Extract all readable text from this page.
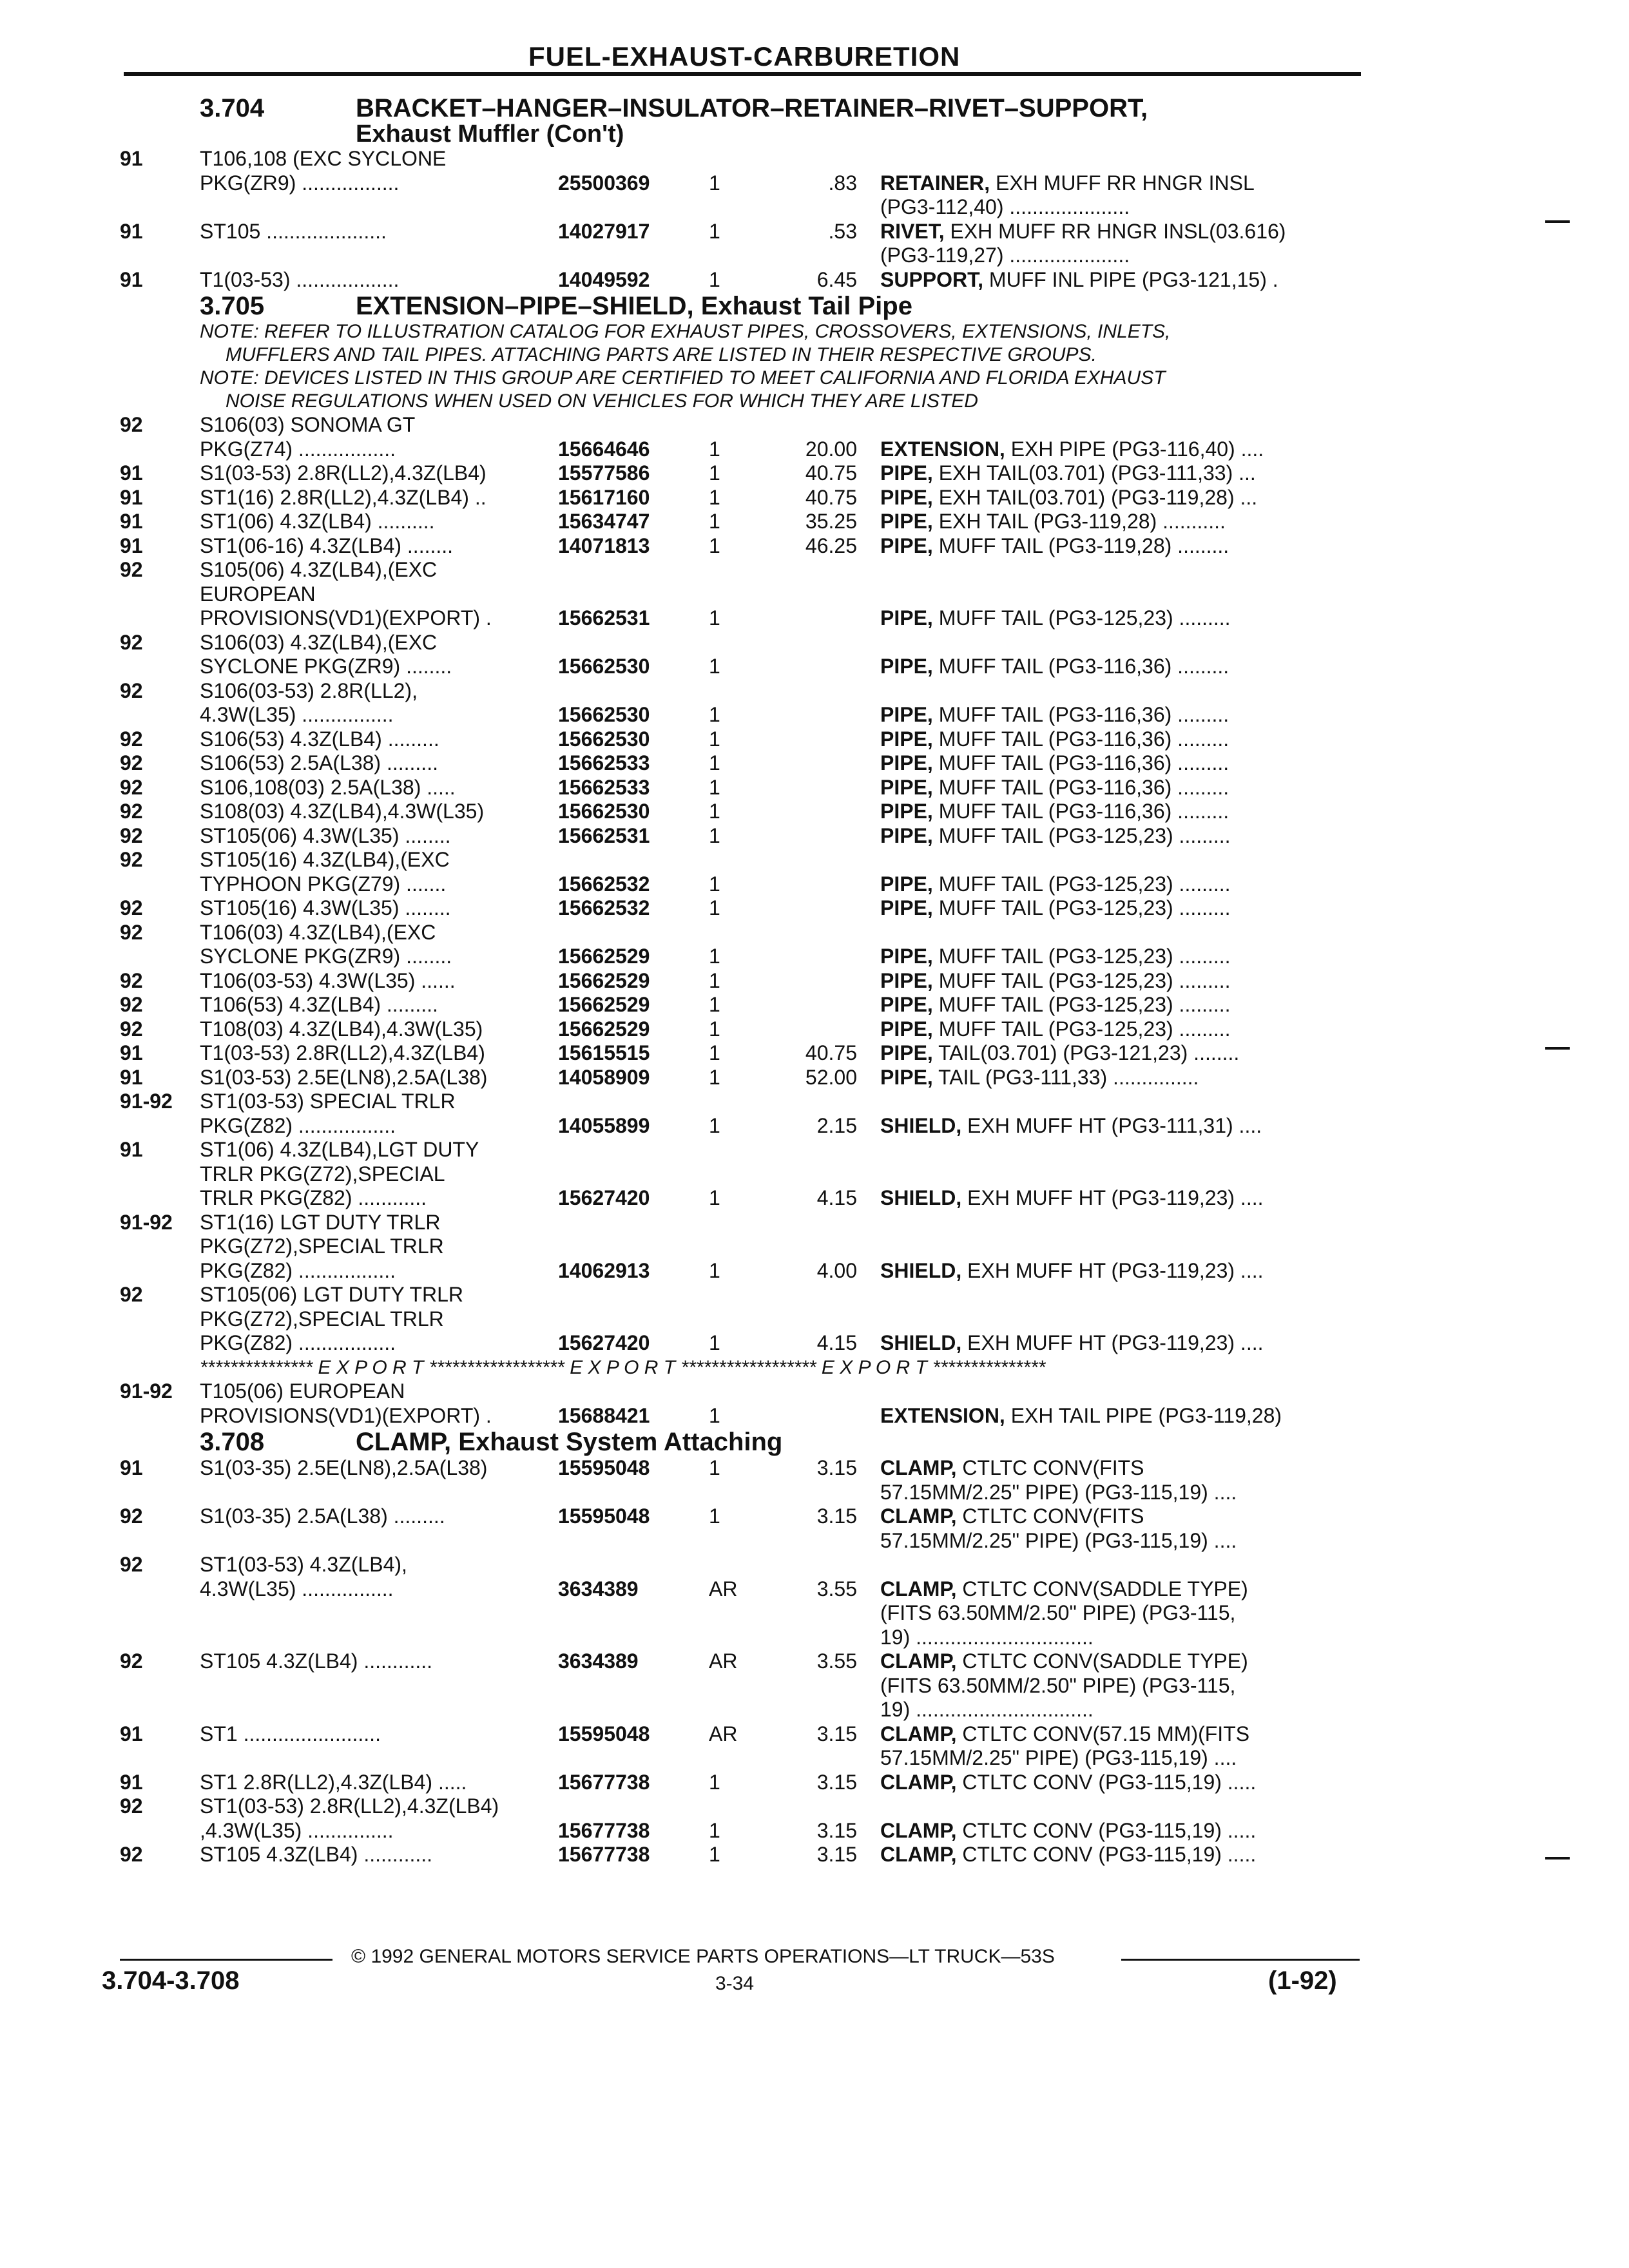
FUEL-EXHAUST-CARBURETION
3.704	BRACKET–HANGER–INSULATOR–RETAINER–RIVET–SUPPORT,
Exhaust Muffler (Con't)
91	T106,108 (EXC SYCLONE
PKG(ZR9) .................	25500369	1	.83 RETAINER, EXH MUFF RR HNGR INSL
(PG3-112,40) .....................
91	ST105 .....................	14027917	1	.53 RIVET, EXH MUFF RR HNGR INSL(03.616)
(PG3-119,27) .....................
91	T1(03-53) ..................	14049592	1	6.45 SUPPORT, MUFF INL PIPE (PG3-121,15) .
3.705	EXTENSION–PIPE–SHIELD, Exhaust Tail Pipe
NOTE: REFER TO ILLUSTRATION CATALOG FOR EXHAUST PIPES, CROSSOVERS, EXTENSIONS, INLETS,
MUFFLERS AND TAIL PIPES. ATTACHING PARTS ARE LISTED IN THEIR RESPECTIVE GROUPS.
NOTE: DEVICES LISTED IN THIS GROUP ARE CERTIFIED TO MEET CALIFORNIA AND FLORIDA EXHAUST
NOISE REGULATIONS WHEN USED ON VEHICLES FOR WHICH THEY ARE LISTED
92	S106(03) SONOMA GT
PKG(Z74) .................	15664646	1	20.00 EXTENSION, EXH PIPE (PG3-116,40) ....
91	S1(03-53) 2.8R(LL2),4.3Z(LB4)	15577586	1	40.75 PIPE, EXH TAIL(03.701) (PG3-111,33) ...
91	ST1(16) 2.8R(LL2),4.3Z(LB4) ..	15617160	1	40.75 PIPE, EXH TAIL(03.701) (PG3-119,28) ...
91	ST1(06) 4.3Z(LB4) ..........	15634747	1	35.25 PIPE, EXH TAIL (PG3-119,28) ...........
91	ST1(06-16) 4.3Z(LB4) ........	14071813	1	46.25 PIPE, MUFF TAIL (PG3-119,28) .........
92	S105(06) 4.3Z(LB4),(EXC
EUROPEAN
PROVISIONS(VD1)(EXPORT) .	15662531	1	PIPE, MUFF TAIL (PG3-125,23) .........
92	S106(03) 4.3Z(LB4),(EXC
SYCLONE PKG(ZR9) ........	15662530	1	PIPE, MUFF TAIL (PG3-116,36) .........
92	S106(03-53) 2.8R(LL2),
4.3W(L35) ................	15662530	1	PIPE, MUFF TAIL (PG3-116,36) .........
92	S106(53) 4.3Z(LB4) .........	15662530	1	PIPE, MUFF TAIL (PG3-116,36) .........
92	S106(53) 2.5A(L38) .........	15662533	1	PIPE, MUFF TAIL (PG3-116,36) .........
92	S106,108(03) 2.5A(L38) .....	15662533	1	PIPE, MUFF TAIL (PG3-116,36) .........
92	S108(03) 4.3Z(LB4),4.3W(L35)	15662530	1	PIPE, MUFF TAIL (PG3-116,36) .........
92	ST105(06) 4.3W(L35) ........	15662531	1	PIPE, MUFF TAIL (PG3-125,23) .........
92	ST105(16) 4.3Z(LB4),(EXC
TYPHOON PKG(Z79) .......	15662532	1	PIPE, MUFF TAIL (PG3-125,23) .........
92	ST105(16) 4.3W(L35) ........	15662532	1	PIPE, MUFF TAIL (PG3-125,23) .........
92	T106(03) 4.3Z(LB4),(EXC
SYCLONE PKG(ZR9) ........	15662529	1	PIPE, MUFF TAIL (PG3-125,23) .........
92	T106(03-53) 4.3W(L35) ......	15662529	1	PIPE, MUFF TAIL (PG3-125,23) .........
92	T106(53) 4.3Z(LB4) .........	15662529	1	PIPE, MUFF TAIL (PG3-125,23) .........
92	T108(03) 4.3Z(LB4),4.3W(L35)	15662529	1	PIPE, MUFF TAIL (PG3-125,23) .........
91	T1(03-53) 2.8R(LL2),4.3Z(LB4)	15615515	1	40.75 PIPE, TAIL(03.701) (PG3-121,23) ........
91	S1(03-53) 2.5E(LN8),2.5A(L38)	14058909	1	52.00 PIPE, TAIL (PG3-111,33) ...............
91-92 ST1(03-53) SPECIAL TRLR
PKG(Z82) .................	14055899	1	2.15 SHIELD, EXH MUFF HT (PG3-111,31) ....
91	ST1(06) 4.3Z(LB4),LGT DUTY
TRLR PKG(Z72),SPECIAL
TRLR PKG(Z82) ............	15627420	1	4.15 SHIELD, EXH MUFF HT (PG3-119,23) ....
91-92 ST1(16) LGT DUTY TRLR
PKG(Z72),SPECIAL TRLR
PKG(Z82) .................	14062913	1	4.00 SHIELD, EXH MUFF HT (PG3-119,23) ....
92	ST105(06) LGT DUTY TRLR
PKG(Z72),SPECIAL TRLR
PKG(Z82) .................	15627420	1	4.15 SHIELD, EXH MUFF HT (PG3-119,23) ....
*************** E X P O R T ****************** E X P O R T ****************** E X P O R T ***************
91-92 T105(06) EUROPEAN
PROVISIONS(VD1)(EXPORT) .	15688421	1	EXTENSION, EXH TAIL PIPE (PG3-119,28)
3.708	CLAMP, Exhaust System Attaching
91	S1(03-35) 2.5E(LN8),2.5A(L38)	15595048	1	3.15 CLAMP, CTLTC CONV(FITS
57.15MM/2.25" PIPE) (PG3-115,19) ....
92	S1(03-35) 2.5A(L38) .........	15595048	1	3.15 CLAMP, CTLTC CONV(FITS
57.15MM/2.25" PIPE) (PG3-115,19) ....
92	ST1(03-53) 4.3Z(LB4),
4.3W(L35) ................	3634389	AR	3.55 CLAMP, CTLTC CONV(SADDLE TYPE)
(FITS 63.50MM/2.50" PIPE) (PG3-115,
19) ...............................
92	ST105 4.3Z(LB4) ............	3634389	AR	3.55 CLAMP, CTLTC CONV(SADDLE TYPE)
(FITS 63.50MM/2.50" PIPE) (PG3-115,
19) ...............................
91	ST1 ........................	15595048	AR	3.15 CLAMP, CTLTC CONV(57.15 MM)(FITS
57.15MM/2.25" PIPE) (PG3-115,19) ....
91	ST1 2.8R(LL2),4.3Z(LB4) .....	15677738	1	3.15 CLAMP, CTLTC CONV (PG3-115,19) .....
92	ST1(03-53) 2.8R(LL2),4.3Z(LB4)
,4.3W(L35) ...............	15677738	1	3.15 CLAMP, CTLTC CONV (PG3-115,19) .....
92	ST105 4.3Z(LB4) ............	15677738	1	3.15 CLAMP, CTLTC CONV (PG3-115,19) .....
© 1992 GENERAL MOTORS SERVICE PARTS OPERATIONS—LT TRUCK—53S
3.704-3.708	3-34	(1-92)
